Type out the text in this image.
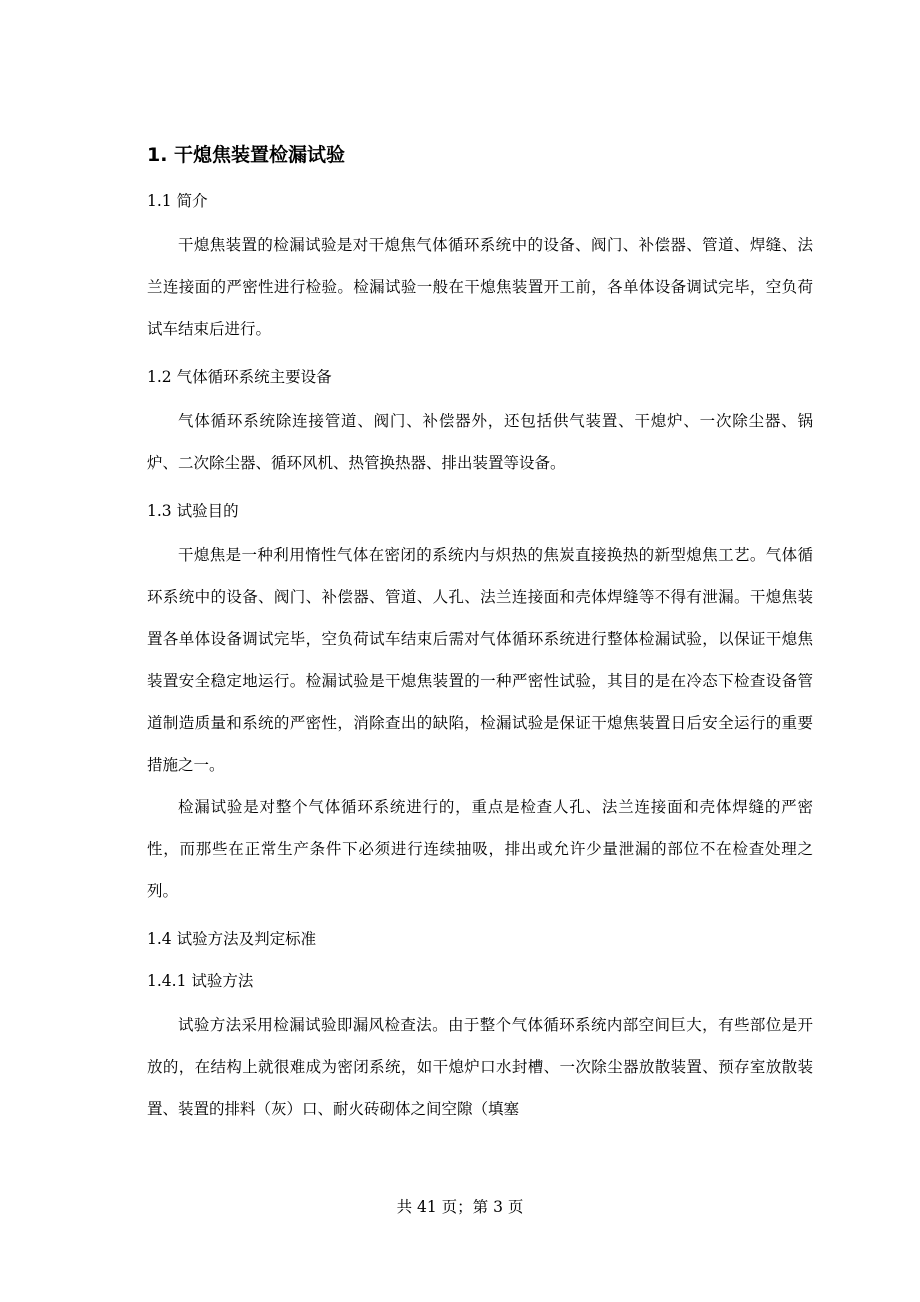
1. 干熄焦装置检漏试验
1.1 简介

干熄焦装置的检漏试验是对干熄焦气体循环系统中的设备、阀门、补偿器、管道、焊缝、法兰连接面的严密性进行检验。检漏试验一般在干熄焦装置开工前，各单体设备调试完毕，空负荷试车结束后进行。

1.2 气体循环系统主要设备

气体循环系统除连接管道、阀门、补偿器外，还包括供气装置、干熄炉、一次除尘器、锅炉、二次除尘器、循环风机、热管换热器、排出装置等设备。

1.3 试验目的

干熄焦是一种利用惰性气体在密闭的系统内与炽热的焦炭直接换热的新型熄焦工艺。气体循环系统中的设备、阀门、补偿器、管道、人孔、法兰连接面和壳体焊缝等不得有泄漏。干熄焦装置各单体设备调试完毕，空负荷试车结束后需对气体循环系统进行整体检漏试验，以保证干熄焦装置安全稳定地运行。检漏试验是干熄焦装置的一种严密性试验，其目的是在冷态下检查设备管道制造质量和系统的严密性，消除查出的缺陷，检漏试验是保证干熄焦装置日后安全运行的重要措施之一。

检漏试验是对整个气体循环系统进行的，重点是检查人孔、法兰连接面和壳体焊缝的严密性，而那些在正常生产条件下必须进行连续抽吸，排出或允许少量泄漏的部位不在检查处理之列。

1.4 试验方法及判定标准
1.4.1 试验方法

试验方法采用检漏试验即漏风检查法。由于整个气体循环系统内部空间巨大，有些部位是开放的，在结构上就很难成为密闭系统，如干熄炉口水封槽、一次除尘器放散装置、预存室放散装置、装置的排料（灰）口、耐火砖砌体之间空隙（填塞

共 41 页；第 3 页
